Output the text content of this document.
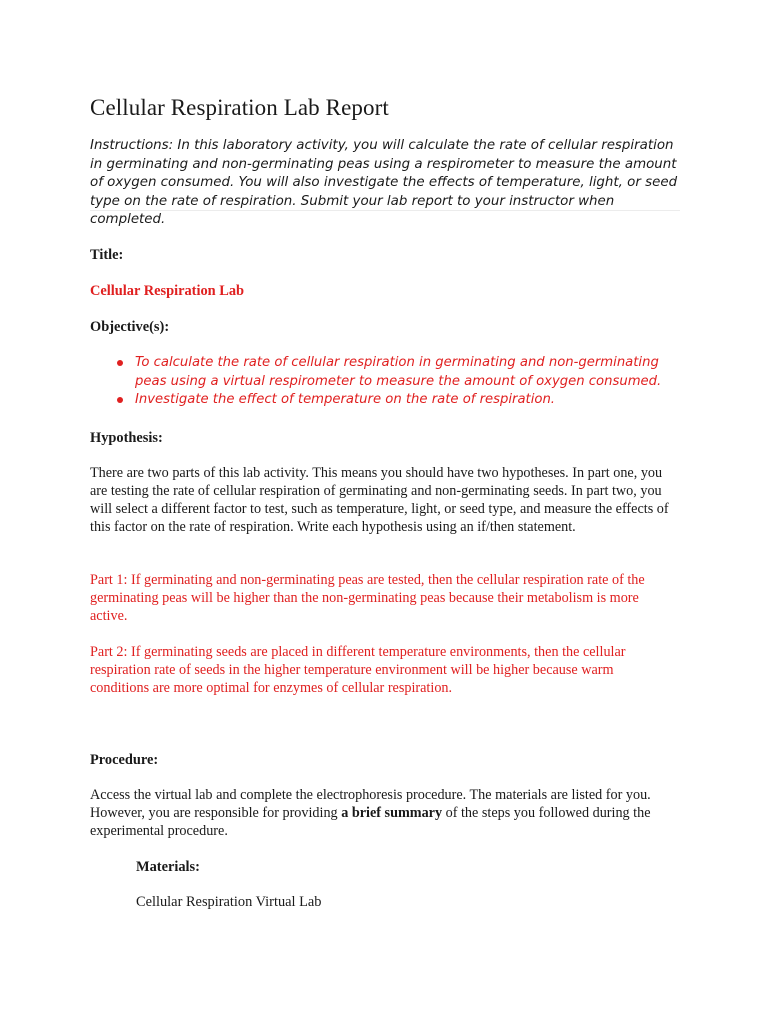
Cellular Respiration Lab Report

Instructions: In this laboratory activity, you will calculate the rate of cellular respiration in germinating and non-germinating peas using a respirometer to measure the amount of oxygen consumed. You will also investigate the effects of temperature, light, or seed type on the rate of respiration. Submit your lab report to your instructor when completed.

Title:
Cellular Respiration Lab
Objective(s):
To calculate the rate of cellular respiration in germinating and non-germinating peas using a virtual respirometer to measure the amount of oxygen consumed.
Investigate the effect of temperature on the rate of respiration.
Hypothesis:

There are two parts of this lab activity. This means you should have two hypotheses. In part one, you are testing the rate of cellular respiration of germinating and non-germinating seeds. In part two, you will select a different factor to test, such as temperature, light, or seed type, and measure the effects of this factor on the rate of respiration. Write each hypothesis using an if/then statement.

Part 1: If germinating and non-germinating peas are tested, then the cellular respiration rate of the germinating peas will be higher than the non-germinating peas because their metabolism is more active.

Part 2: If germinating seeds are placed in different temperature environments, then the cellular respiration rate of seeds in the higher temperature environment will be higher because warm conditions are more optimal for enzymes of cellular respiration.

Procedure:

Access the virtual lab and complete the electrophoresis procedure. The materials are listed for you. However, you are responsible for providing a brief summary of the steps you followed during the experimental procedure.

Materials:

Cellular Respiration Virtual Lab
